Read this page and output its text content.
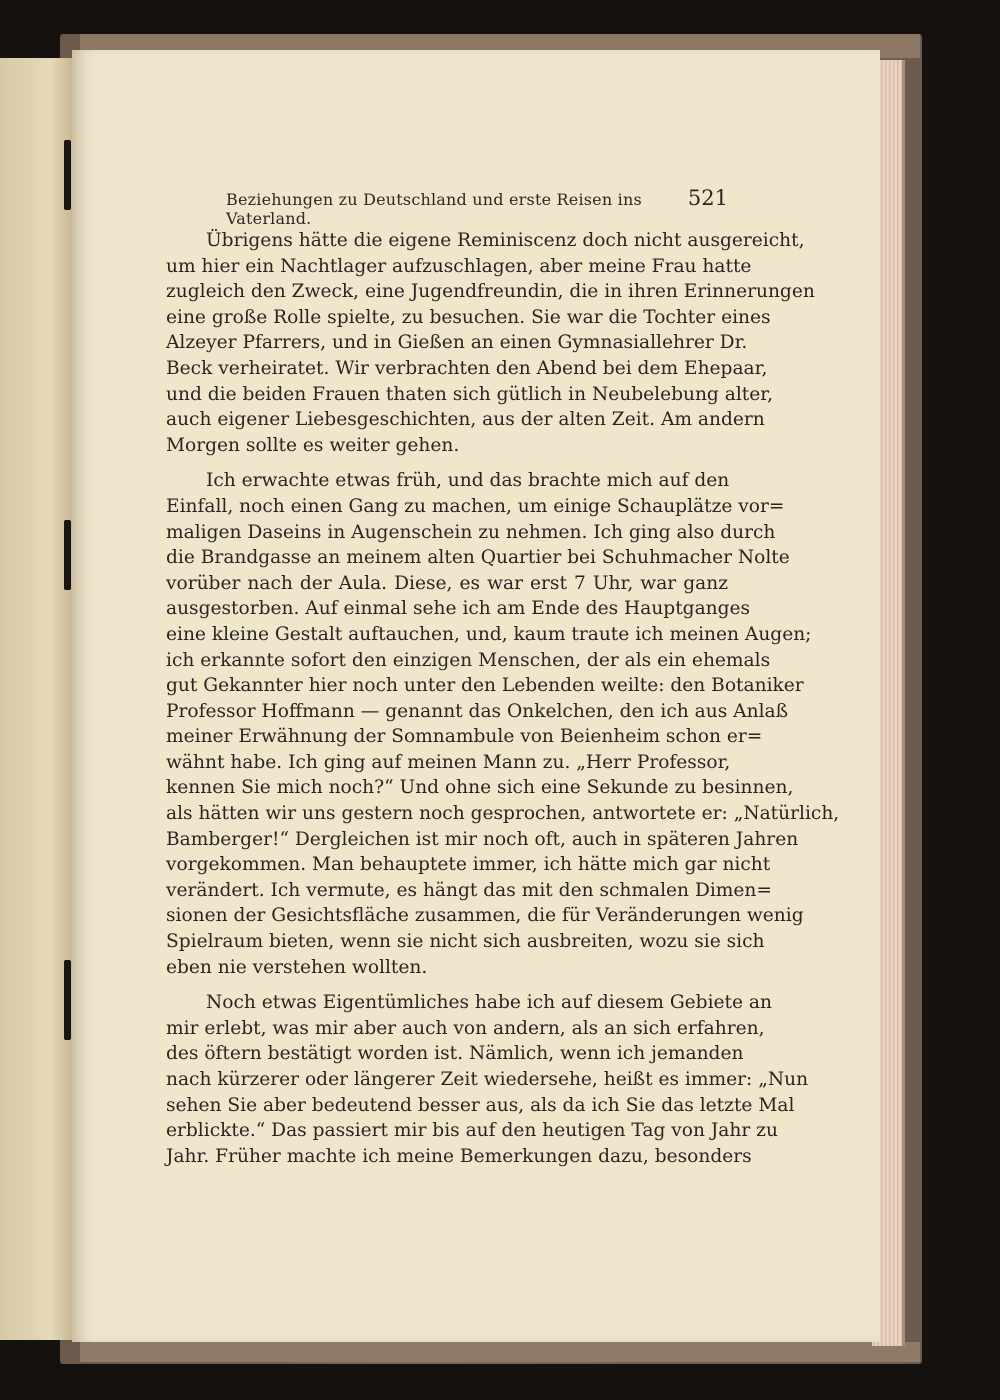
Beziehungen zu Deutschland und erste Reisen ins Vaterland.
521

Übrigens hätte die eigene Reminiscenz doch nicht ausgereicht,
um hier ein Nachtlager aufzuschlagen, aber meine Frau hatte
zugleich den Zweck, eine Jugendfreundin, die in ihren Erinnerungen
eine große Rolle spielte, zu besuchen. Sie war die Tochter eines
Alzeyer Pfarrers, und in Gießen an einen Gymnasiallehrer Dr.
Beck verheiratet. Wir verbrachten den Abend bei dem Ehepaar,
und die beiden Frauen thaten sich gütlich in Neubelebung alter,
auch eigener Liebesgeschichten, aus der alten Zeit. Am andern
Morgen sollte es weiter gehen.

Ich erwachte etwas früh, und das brachte mich auf den
Einfall, noch einen Gang zu machen, um einige Schauplätze vor=
maligen Daseins in Augenschein zu nehmen. Ich ging also durch
die Brandgasse an meinem alten Quartier bei Schuhmacher Nolte
vorüber nach der Aula. Diese, es war erst 7 Uhr, war ganz
ausgestorben. Auf einmal sehe ich am Ende des Hauptganges
eine kleine Gestalt auftauchen, und, kaum traute ich meinen Augen;
ich erkannte sofort den einzigen Menschen, der als ein ehemals
gut Gekannter hier noch unter den Lebenden weilte: den Botaniker
Professor Hoffmann — genannt das Onkelchen, den ich aus Anlaß
meiner Erwähnung der Somnambule von Beienheim schon er=
wähnt habe. Ich ging auf meinen Mann zu. „Herr Professor,
kennen Sie mich noch?“ Und ohne sich eine Sekunde zu besinnen,
als hätten wir uns gestern noch gesprochen, antwortete er: „Natürlich,
Bamberger!“ Dergleichen ist mir noch oft, auch in späteren Jahren
vorgekommen. Man behauptete immer, ich hätte mich gar nicht
verändert. Ich vermute, es hängt das mit den schmalen Dimen=
sionen der Gesichtsfläche zusammen, die für Veränderungen wenig
Spielraum bieten, wenn sie nicht sich ausbreiten, wozu sie sich
eben nie verstehen wollten.

Noch etwas Eigentümliches habe ich auf diesem Gebiete an
mir erlebt, was mir aber auch von andern, als an sich erfahren,
des öftern bestätigt worden ist. Nämlich, wenn ich jemanden
nach kürzerer oder längerer Zeit wiedersehe, heißt es immer: „Nun
sehen Sie aber bedeutend besser aus, als da ich Sie das letzte Mal
erblickte.“ Das passiert mir bis auf den heutigen Tag von Jahr zu
Jahr. Früher machte ich meine Bemerkungen dazu, besonders
